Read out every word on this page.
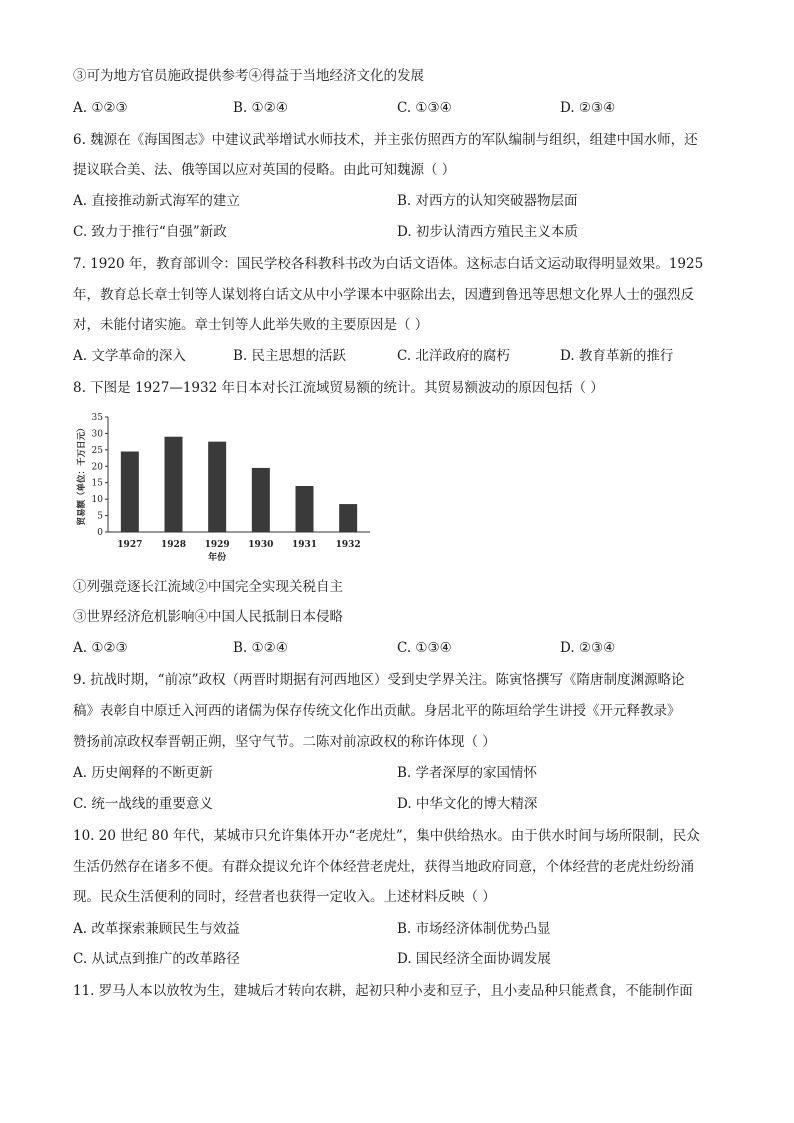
③可为地方官员施政提供参考④得益于当地经济文化的发展
A. ①②③	B. ①②④	C. ①③④	D. ②③④
6. 魏源在《海国图志》中建议武举增试水师技术，并主张仿照西方的军队编制与组织，组建中国水师，还
提议联合美、法、俄等国以应对英国的侵略。由此可知魏源（ ）
A. 直接推动新式海军的建立	B. 对西方的认知突破器物层面
C. 致力于推行“自强”新政	D. 初步认清西方殖民主义本质
7. 1920 年，教育部训令：国民学校各科教科书改为白话文语体。这标志白话文运动取得明显效果。1925
年，教育总长章士钊等人谋划将白话文从中小学课本中驱除出去，因遭到鲁迅等思想文化界人士的强烈反
对，未能付诸实施。章士钊等人此举失败的主要原因是（ ）
A. 文学革命的深入	B. 民主思想的活跃	C. 北洋政府的腐朽	D. 教育革新的推行
8. 下图是 1927—1932 年日本对长江流域贸易额的统计。其贸易额波动的原因包括（ ）
0
5
10
15
20
25
30
35
1927 1928 1929 1930 1931 1932
贸易额（单位：千万日元）
年份
①列强竞逐长江流域②中国完全实现关税自主
③世界经济危机影响④中国人民抵制日本侵略
A. ①②③	B. ①②④	C. ①③④	D. ②③④
9. 抗战时期，“前凉”政权（两晋时期据有河西地区）受到史学界关注。陈寅恪撰写《隋唐制度渊源略论
稿》表彰自中原迁入河西的诸儒为保存传统文化作出贡献。身居北平的陈垣给学生讲授《开元释教录》
赞扬前凉政权奉晋朝正朔，坚守气节。二陈对前凉政权的称许体现（ ）
A. 历史阐释的不断更新	B. 学者深厚的家国情怀
C. 统一战线的重要意义	D. 中华文化的博大精深
10. 20 世纪 80 年代，某城市只允许集体开办“老虎灶”，集中供给热水。由于供水时间与场所限制，民众
生活仍然存在诸多不便。有群众提议允许个体经营老虎灶，获得当地政府同意，个体经营的老虎灶纷纷涌
现。民众生活便利的同时，经营者也获得一定收入。上述材料反映（ ）
A. 改革探索兼顾民生与效益	B. 市场经济体制优势凸显
C. 从试点到推广的改革路径	D. 国民经济全面协调发展
11. 罗马人本以放牧为生，建城后才转向农耕，起初只种小麦和豆子，且小麦品种只能煮食，不能制作面
